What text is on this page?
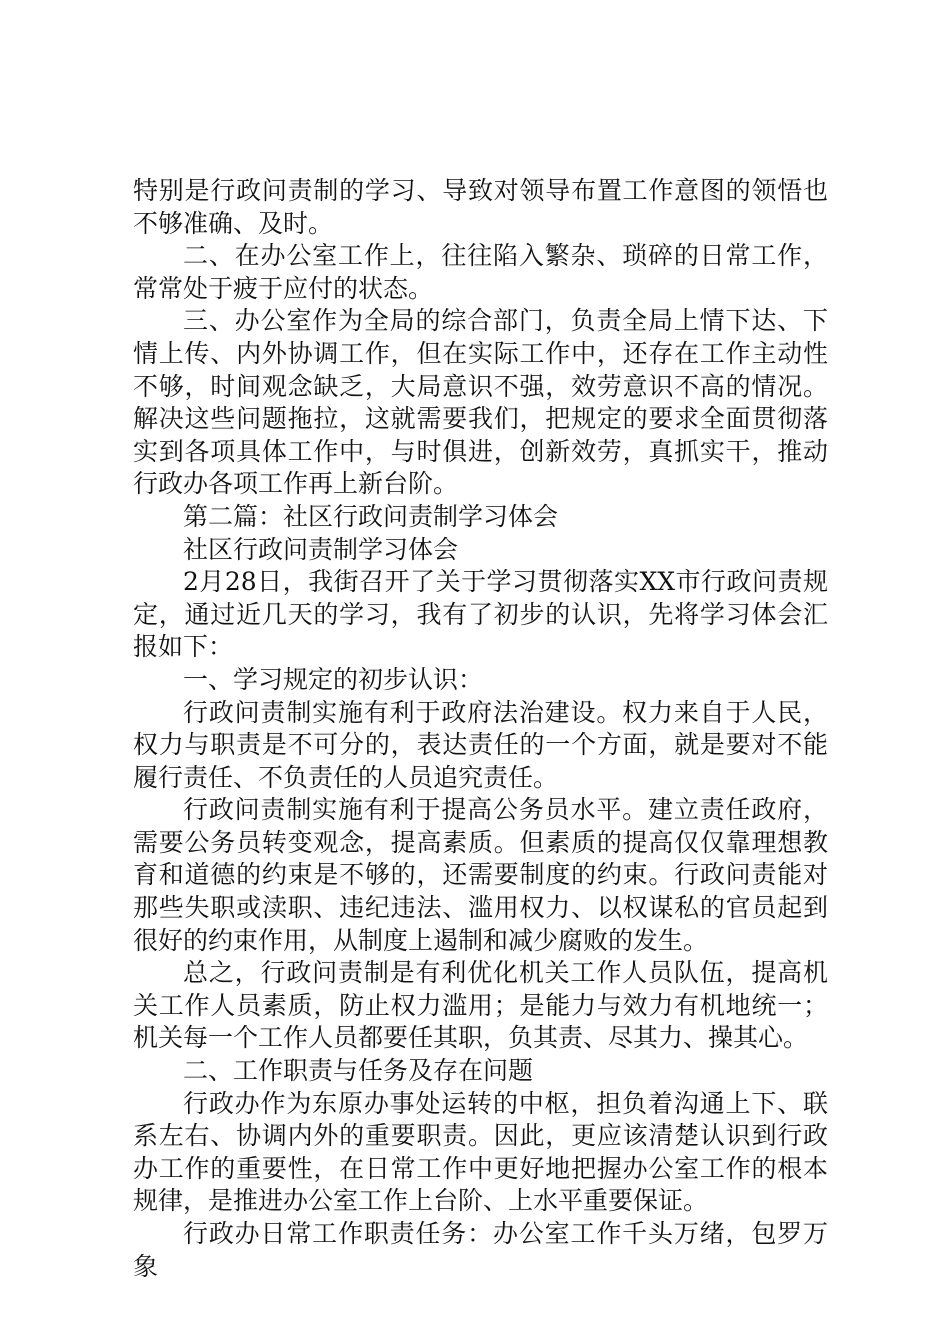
特别是行政问责制的学习、导致对领导布置工作意图的领悟也不够准确、及时。

二、在办公室工作上，往往陷入繁杂、琐碎的日常工作，常常处于疲于应付的状态。

三、办公室作为全局的综合部门，负责全局上情下达、下情上传、内外协调工作，但在实际工作中，还存在工作主动性不够，时间观念缺乏，大局意识不强，效劳意识不高的情况。解决这些问题拖拉，这就需要我们，把规定的要求全面贯彻落实到各项具体工作中，与时俱进，创新效劳，真抓实干，推动行政办各项工作再上新台阶。

第二篇：社区行政问责制学习体会

社区行政问责制学习体会

2月28日，我街召开了关于学习贯彻落实XX市行政问责规定，通过近几天的学习，我有了初步的认识，先将学习体会汇报如下：

一、学习规定的初步认识：

行政问责制实施有利于政府法治建设。权力来自于人民，权力与职责是不可分的，表达责任的一个方面，就是要对不能履行责任、不负责任的人员追究责任。

行政问责制实施有利于提高公务员水平。建立责任政府，需要公务员转变观念，提高素质。但素质的提高仅仅靠理想教育和道德的约束是不够的，还需要制度的约束。行政问责能对那些失职或渎职、违纪违法、滥用权力、以权谋私的官员起到很好的约束作用，从制度上遏制和减少腐败的发生。

总之，行政问责制是有利优化机关工作人员队伍，提高机关工作人员素质，防止权力滥用；是能力与效力有机地统一；机关每一个工作人员都要任其职，负其责、尽其力、操其心。

二、工作职责与任务及存在问题

行政办作为东原办事处运转的中枢，担负着沟通上下、联系左右、协调内外的重要职责。因此，更应该清楚认识到行政办工作的重要性，在日常工作中更好地把握办公室工作的根本规律，是推进办公室工作上台阶、上水平重要保证。

行政办日常工作职责任务：办公室工作千头万绪，包罗万象
